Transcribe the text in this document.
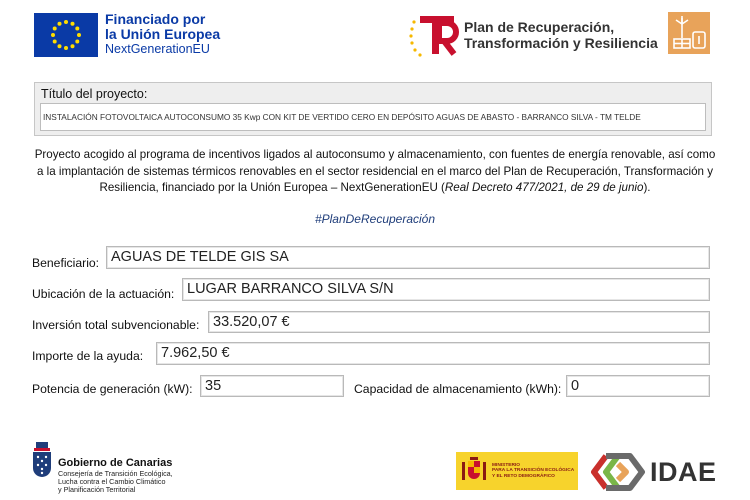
Financiado por
la Unión Europea
NextGenerationEU
Plan de Recuperación,
Transformación y Resiliencia
Título del proyecto:
INSTALACIÓN FOTOVOLTAICA AUTOCONSUMO 35 Kwp CON KIT DE VERTIDO CERO EN DEPÓSITO AGUAS DE ABASTO - BARRANCO SILVA - TM TELDE
Proyecto acogido al programa de incentivos ligados al autoconsumo y almacenamiento, con fuentes de energía renovable, así como
a la implantación de sistemas térmicos renovables en el sector residencial en el marco del Plan de Recuperación, Transformación y
Resiliencia, financiado por la Unión Europea – NextGenerationEU (Real Decreto 477/2021, de 29 de junio).
#PlanDeRecuperación
Beneficiario: AGUAS DE TELDE GIS SA
Ubicación de la actuación: LUGAR BARRANCO SILVA S/N
Inversión total subvencionable: 33.520,07 €
Importe de la ayuda:	7.962,50 €
Potencia de generación (kW): 35	Capacidad de almacenamiento (kWh): 0
Gobierno de Canarias
Consejería de Transición Ecológica,
Lucha contra el Cambio Climático
y Planificación Territorial
MINISTERIO
PARA LA TRANSICIÓN ECOLÓGICA
Y EL RETO DEMOGRÁFICO	IDAE
